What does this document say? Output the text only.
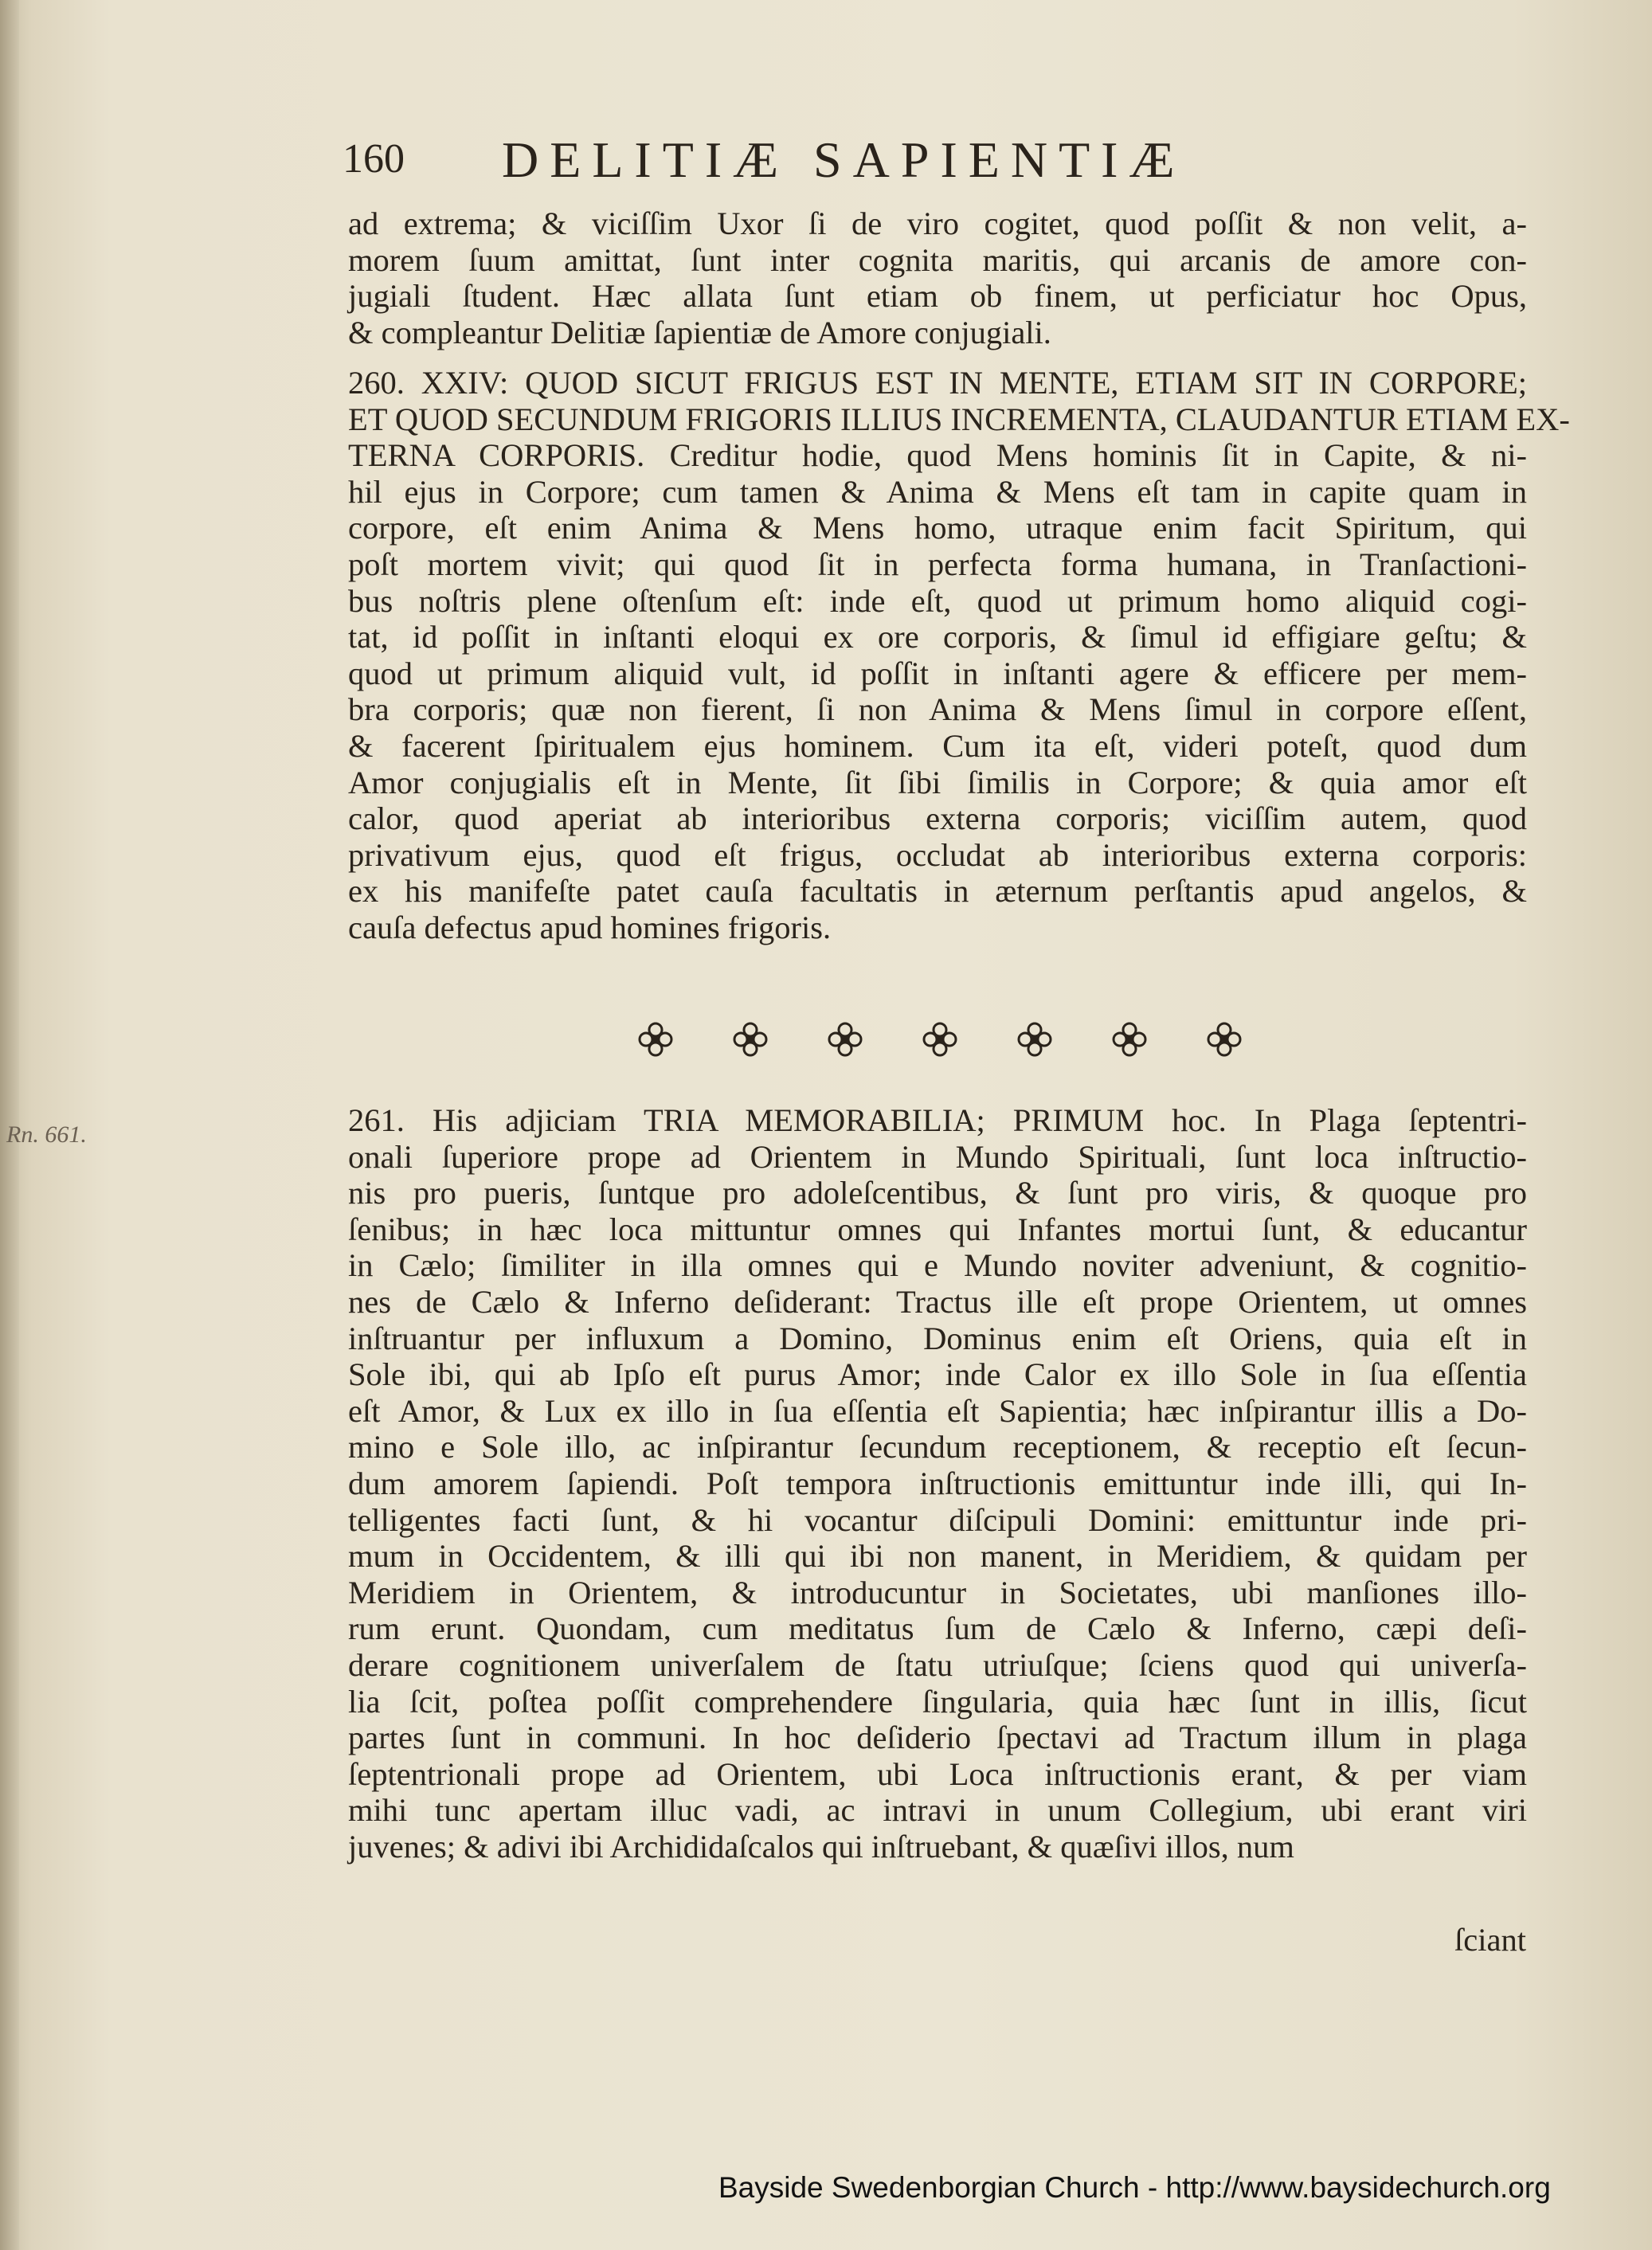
160 DELITIÆ SAPIENTIÆ
ad extrema; & viciſſim Uxor ſi de viro cogitet, quod poſſit & non velit, a-
morem ſuum amittat, ſunt inter cognita maritis, qui arcanis de amore con-
jugiali ſtudent. Hæc allata ſunt etiam ob finem, ut perficiatur hoc Opus,
& compleantur Delitiæ ſapientiæ de Amore conjugiali.
260. XXIV: QUOD SICUT FRIGUS EST IN MENTE, ETIAM SIT IN CORPORE;
ET QUOD SECUNDUM FRIGORIS ILLIUS INCREMENTA, CLAUDANTUR ETIAM EX-
TERNA CORPORIS. Creditur hodie, quod Mens hominis ſit in Capite, & ni-
hil ejus in Corpore; cum tamen & Anima & Mens eſt tam in capite quam in
corpore, eſt enim Anima & Mens homo, utraque enim facit Spiritum, qui
poſt mortem vivit; qui quod ſit in perfecta forma humana, in Tranſactioni-
bus noſtris plene oſtenſum eſt: inde eſt, quod ut primum homo aliquid cogi-
tat, id poſſit in inſtanti eloqui ex ore corporis, & ſimul id effigiare geſtu; &
quod ut primum aliquid vult, id poſſit in inſtanti agere & efficere per mem-
bra corporis; quæ non fierent, ſi non Anima & Mens ſimul in corpore eſſent,
& facerent ſpiritualem ejus hominem. Cum ita eſt, videri poteſt, quod dum
Amor conjugialis eſt in Mente, ſit ſibi ſimilis in Corpore; & quia amor eſt
calor, quod aperiat ab interioribus externa corporis; viciſſim autem, quod
privativum ejus, quod eſt frigus, occludat ab interioribus externa corporis:
ex his manifeſte patet cauſa facultatis in æternum perſtantis apud angelos, &
cauſa defectus apud homines frigoris.
Rn. 661.	261. His adjiciam TRIA MEMORABILIA; PRIMUM hoc. In Plaga ſeptentri-
onali ſuperiore prope ad Orientem in Mundo Spirituali, ſunt loca inſtructio-
nis pro pueris, ſuntque pro adoleſcentibus, & ſunt pro viris, & quoque pro
ſenibus; in hæc loca mittuntur omnes qui Infantes mortui ſunt, & educantur
in Cælo; ſimiliter in illa omnes qui e Mundo noviter adveniunt, & cognitio-
nes de Cælo & Inferno deſiderant: Tractus ille eſt prope Orientem, ut omnes
inſtruantur per influxum a Domino, Dominus enim eſt Oriens, quia eſt in
Sole ibi, qui ab Ipſo eſt purus Amor; inde Calor ex illo Sole in ſua eſſentia
eſt Amor, & Lux ex illo in ſua eſſentia eſt Sapientia; hæc inſpirantur illis a Do-
mino e Sole illo, ac inſpirantur ſecundum receptionem, & receptio eſt ſecun-
dum amorem ſapiendi. Poſt tempora inſtructionis emittuntur inde illi, qui In-
telligentes facti ſunt, & hi vocantur diſcipuli Domini: emittuntur inde pri-
mum in Occidentem, & illi qui ibi non manent, in Meridiem, & quidam per
Meridiem in Orientem, & introducuntur in Societates, ubi manſiones illo-
rum erunt. Quondam, cum meditatus ſum de Cælo & Inferno, cæpi deſi-
derare cognitionem univerſalem de ſtatu utriuſque; ſciens quod qui univerſa-
lia ſcit, poſtea poſſit comprehendere ſingularia, quia hæc ſunt in illis, ſicut
partes ſunt in communi. In hoc deſiderio ſpectavi ad Tractum illum in plaga
ſeptentrionali prope ad Orientem, ubi Loca inſtructionis erant, & per viam
mihi tunc apertam illuc vadi, ac intravi in unum Collegium, ubi erant viri
juvenes; & adivi ibi Archididaſcalos qui inſtruebant, & quæſivi illos, num
ſciant
Bayside Swedenborgian Church - http://www.baysidechurch.org
